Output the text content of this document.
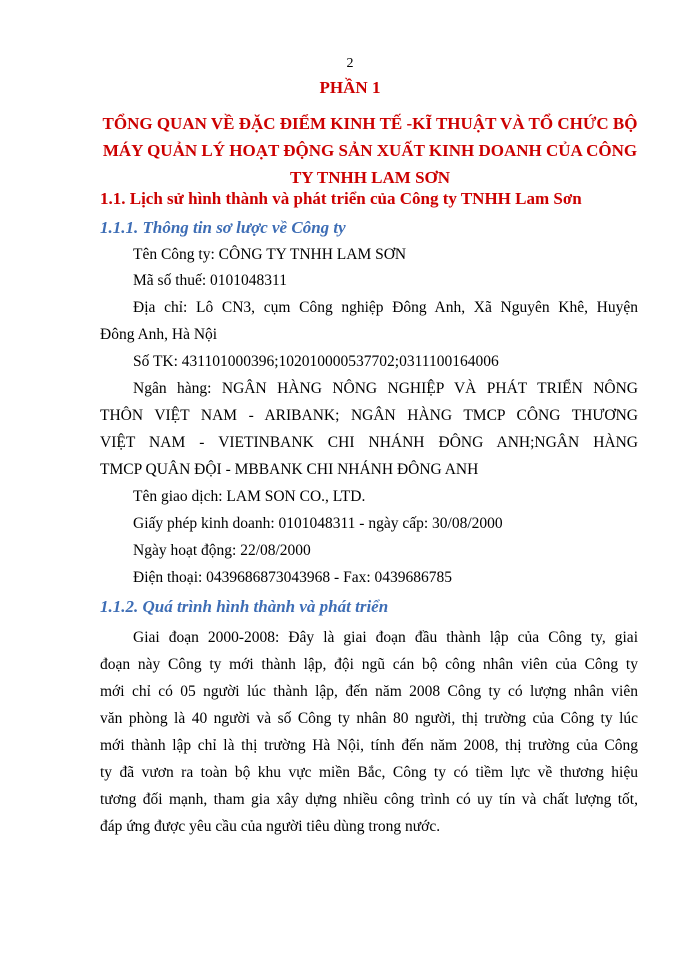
2
PHẦN 1
TỔNG QUAN VỀ ĐẶC ĐIỂM KINH TẾ -KĨ THUẬT VÀ TỔ CHỨC BỘ
MÁY QUẢN LÝ HOẠT ĐỘNG SẢN XUẤT KINH DOANH CỦA CÔNG
TY TNHH LAM SƠN
1.1. Lịch sử hình thành và phát triển của Công ty TNHH Lam Sơn
1.1.1. Thông tin sơ lược về Công ty
Tên Công ty: CÔNG TY TNHH LAM SƠN
Mã số thuế: 0101048311
Địa chỉ: Lô CN3, cụm Công nghiệp Đông Anh, Xã Nguyên Khê, Huyện
Đông Anh, Hà Nội
Số TK: 431101000396;102010000537702;0311100164006
Ngân hàng: NGÂN HÀNG NÔNG NGHIỆP VÀ PHÁT TRIỂN NÔNG
THÔN VIỆT NAM - ARIBANK; NGÂN HÀNG TMCP CÔNG THƯƠNG
VIỆT NAM - VIETINBANK CHI NHÁNH ĐÔNG ANH;NGÂN HÀNG
TMCP QUÂN ĐỘI - MBBANK CHI NHÁNH ĐÔNG ANH
Tên giao dịch: LAM SON CO., LTD.
Giấy phép kinh doanh: 0101048311 - ngày cấp: 30/08/2000
Ngày hoạt động: 22/08/2000
Điện thoại: 0439686873043968 - Fax: 0439686785
1.1.2. Quá trình hình thành và phát triển
Giai đoạn 2000-2008: Đây là giai đoạn đầu thành lập của Công ty, giai
đoạn này Công ty mới thành lập, đội ngũ cán bộ công nhân viên của Công ty
mới chỉ có 05 người lúc thành lập, đến năm 2008 Công ty có lượng nhân viên
văn phòng là 40 người và số Công ty nhân 80 người, thị trường của Công ty lúc
mới thành lập chỉ là thị trường Hà Nội, tính đến năm 2008, thị trường của Công
ty đã vươn ra toàn bộ khu vực miền Bắc, Công ty có tiềm lực về thương hiệu
tương đối mạnh, tham gia xây dựng nhiều công trình có uy tín và chất lượng tốt,
đáp ứng được yêu cầu của người tiêu dùng trong nước.
